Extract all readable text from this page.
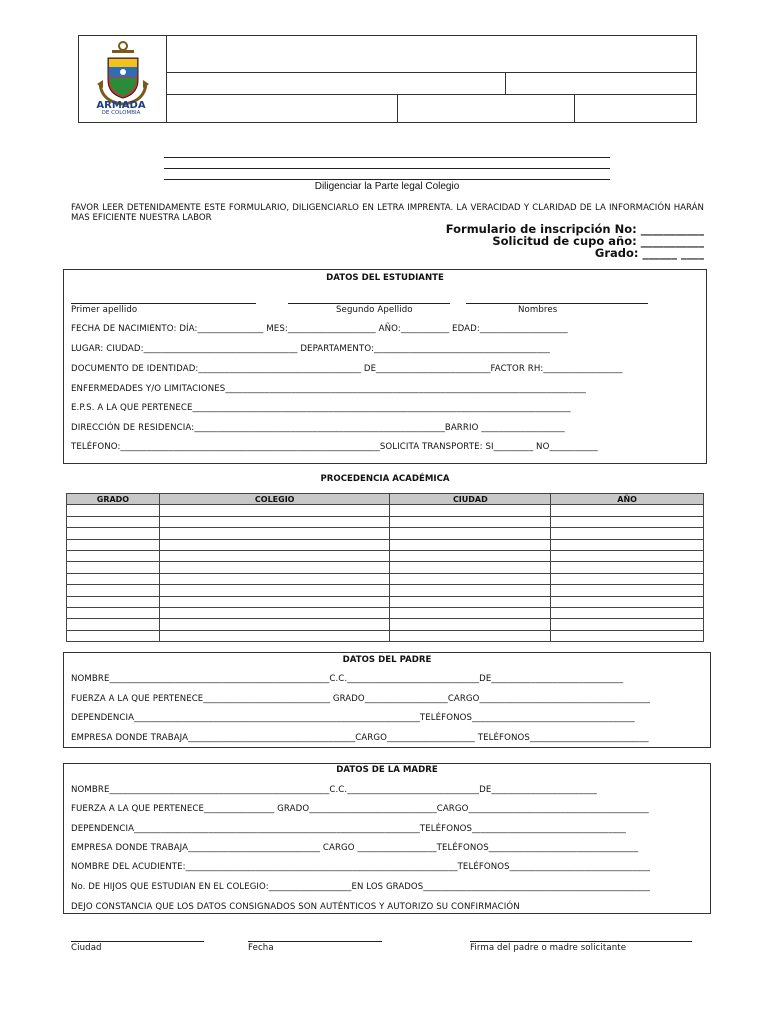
ARMADA
DE COLOMBIA
Diligenciar la Parte legal Colegio
FAVOR LEER DETENIDAMENTE ESTE FORMULARIO, DILIGENCIARLO EN LETRA IMPRENTA. LA VERACIDAD Y CLARIDAD DE LA INFORMACIÓN HARÁN MAS EFICIENTE NUESTRA LABOR
Formulario de inscripción No: ___________
Solicitud de cupo año: ___________
Grado: ______ ____
DATOS DEL ESTUDIANTE
Primer apellido	Segundo Apellido	Nombres
FECHA DE NACIMIENTO: DÍA:_______________ MES:____________________ AÑO:___________ EDAD:____________________
LUGAR: CIUDAD:___________________________________ DEPARTAMENTO:________________________________________
DOCUMENTO DE IDENTIDAD:_____________________________________ DE__________________________FACTOR RH:__________________
ENFERMEDADES Y/O LIMITACIONES__________________________________________________________________________________
E.P.S. A LA QUE PERTENECE______________________________________________________________________________________
DIRECCIÓN DE RESIDENCIA:_________________________________________________________BARRIO ___________________
TELÉFONO:___________________________________________________________SOLICITA TRANSPORTE: SI_________ NO___________
PROCEDENCIA ACADÉMICA
GRADO	COLEGIO	CIUDAD	AÑO

DATOS DEL PADRE
NOMBRE__________________________________________________C.C.______________________________DE______________________________
FUERZA A LA QUE PERTENECE_____________________________ GRADO___________________CARGO_______________________________________
DEPENDENCIA_________________________________________________________________TELÉFONOS_____________________________________
EMPRESA DONDE TRABAJA______________________________________CARGO____________________ TELÉFONOS___________________________
DATOS DE LA MADRE
NOMBRE__________________________________________________C.C.______________________________DE________________________
FUERZA A LA QUE PERTENECE________________ GRADO_____________________________CARGO_________________________________________
DEPENDENCIA_________________________________________________________________TELÉFONOS___________________________________
EMPRESA DONDE TRABAJA______________________________ CARGO __________________TELÉFONOS__________________________________
NOMBRE DEL ACUDIENTE:______________________________________________________________TELÉFONOS________________________________
No. DE HIJOS QUE ESTUDIAN EN EL COLEGIO:___________________EN LOS GRADOS____________________________________________________
DEJO CONSTANCIA QUE LOS DATOS CONSIGNADOS SON AUTÉNTICOS Y AUTORIZO SU CONFIRMACIÓN
Ciudad	Fecha	Firma del padre o madre solicitante
